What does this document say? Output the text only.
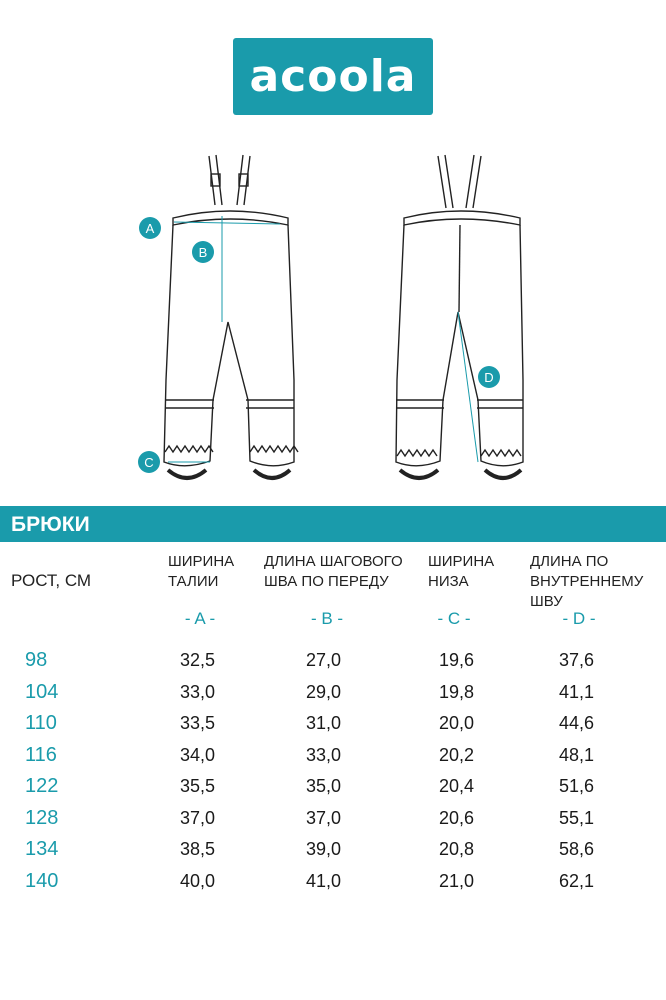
acoola
A
B
C
D
БРЮКИ
РОСТ, СМ
ШИРИНА
ТАЛИИ
ДЛИНА ШАГОВОГО
ШВА ПО ПЕРЕДУ
ШИРИНА
НИЗА
ДЛИНА ПО
ВНУТРЕННЕМУ ШВУ
- A -	- B -	- C -	- D -
98	32,5	27,0	19,6	37,6
104	33,0	29,0	19,8	41,1
110	33,5	31,0	20,0	44,6
116	34,0	33,0	20,2	48,1
122	35,5	35,0	20,4	51,6
128	37,0	37,0	20,6	55,1
134	38,5	39,0	20,8	58,6
140	40,0	41,0	21,0	62,1
